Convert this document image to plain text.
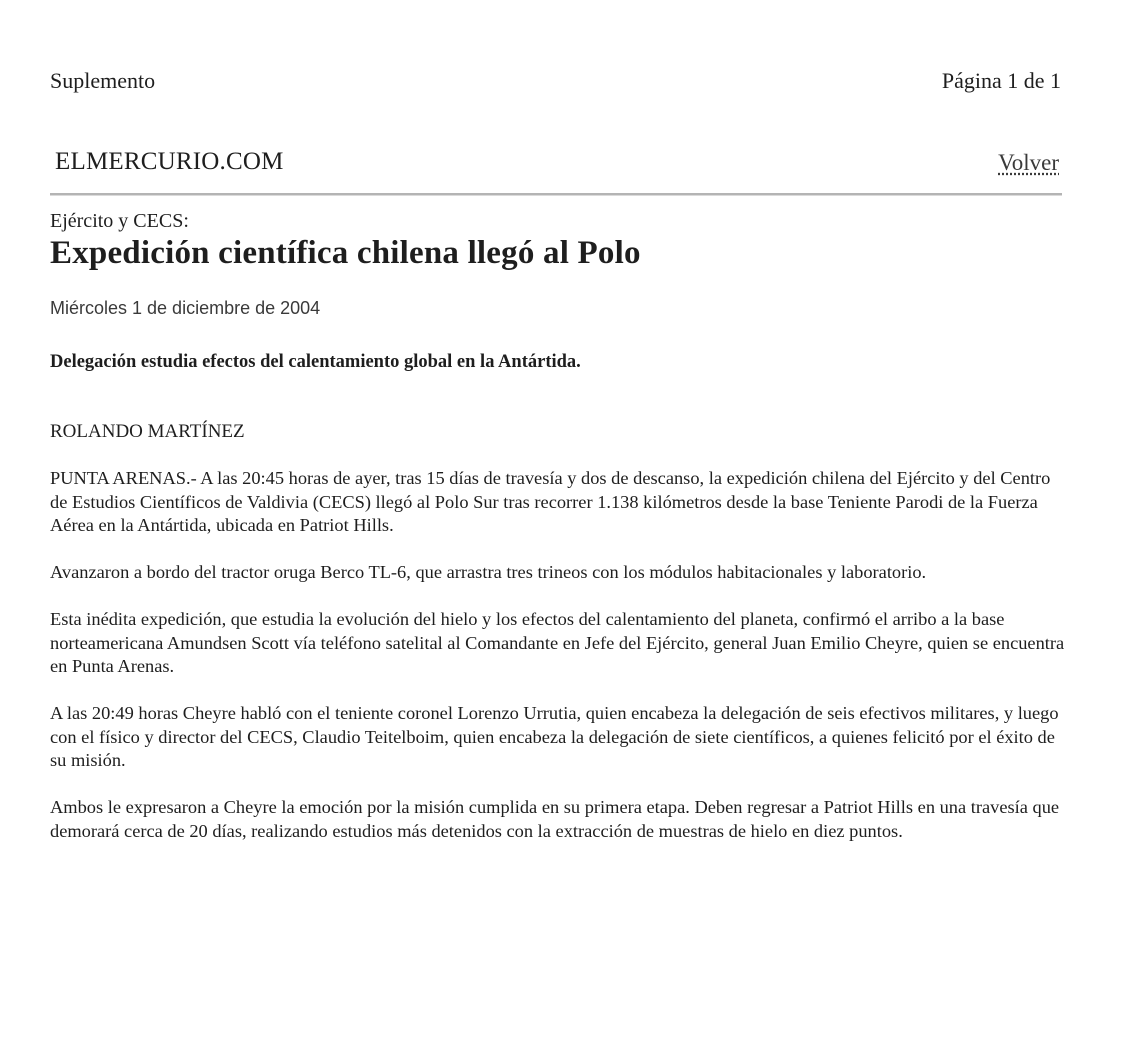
Suplemento	Página 1 de 1
ELMERCURIO.COM	Volver
Ejército y CECS:
Expedición científica chilena llegó al Polo
Miércoles 1 de diciembre de 2004
Delegación estudia efectos del calentamiento global en la Antártida.
ROLANDO MARTÍNEZ

PUNTA ARENAS.- A las 20:45 horas de ayer, tras 15 días de travesía y dos de descanso, la expedición chilena del Ejército y del Centro de Estudios Científicos de Valdivia (CECS) llegó al Polo Sur tras recorrer 1.138 kilómetros desde la base Teniente Parodi de la Fuerza Aérea en la Antártida, ubicada en Patriot Hills.

Avanzaron a bordo del tractor oruga Berco TL-6, que arrastra tres trineos con los módulos habitacionales y laboratorio.

Esta inédita expedición, que estudia la evolución del hielo y los efectos del calentamiento del planeta, confirmó el arribo a la base norteamericana Amundsen Scott vía teléfono satelital al Comandante en Jefe del Ejército, general Juan Emilio Cheyre, quien se encuentra en Punta Arenas.

A las 20:49 horas Cheyre habló con el teniente coronel Lorenzo Urrutia, quien encabeza la delegación de seis efectivos militares, y luego con el físico y director del CECS, Claudio Teitelboim, quien encabeza la delegación de siete científicos, a quienes felicitó por el éxito de su misión.

Ambos le expresaron a Cheyre la emoción por la misión cumplida en su primera etapa. Deben regresar a Patriot Hills en una travesía que demorará cerca de 20 días, realizando estudios más detenidos con la extracción de muestras de hielo en diez puntos.
